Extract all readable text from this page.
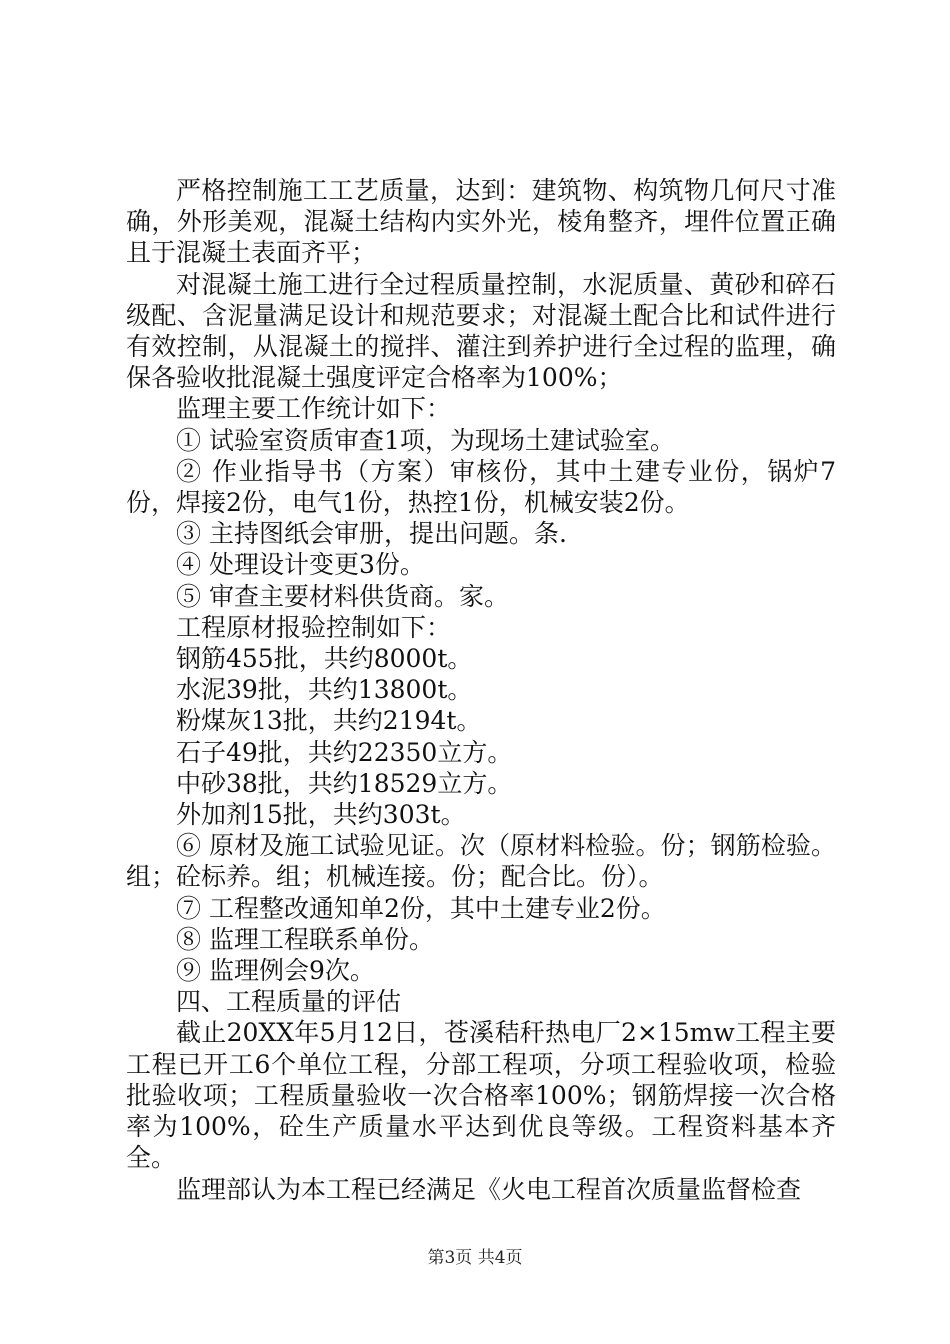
严格控制施工工艺质量，达到：建筑物、构筑物几何尺寸准确，外形美观，混凝土结构内实外光，棱角整齐，埋件位置正确且于混凝土表面齐平；

对混凝土施工进行全过程质量控制，水泥质量、黄砂和碎石级配、含泥量满足设计和规范要求；对混凝土配合比和试件进行有效控制，从混凝土的搅拌、灌注到养护进行全过程的监理，确保各验收批混凝土强度评定合格率为100%；

监理主要工作统计如下：

① 试验室资质审查1项，为现场土建试验室。

② 作业指导书（方案）审核份，其中土建专业份，锅炉7份，焊接2份，电气1份，热控1份，机械安装2份。

③ 主持图纸会审册，提出问题。条.

④ 处理设计变更3份。

⑤ 审查主要材料供货商。家。

工程原材报验控制如下：

钢筋455批，共约8000t。

水泥39批，共约13800t。

粉煤灰13批，共约2194t。

石子49批，共约22350立方。

中砂38批，共约18529立方。

外加剂15批，共约303t。

⑥ 原材及施工试验见证。次（原材料检验。份；钢筋检验。组；砼标养。组；机械连接。份；配合比。份）。

⑦ 工程整改通知单2份，其中土建专业2份。

⑧ 监理工程联系单份。

⑨ 监理例会9次。

四、工程质量的评估

截止20XX年5月12日，苍溪秸秆热电厂2×15mw工程主要工程已开工6个单位工程，分部工程项，分项工程验收项，检验批验收项；工程质量验收一次合格率100%；钢筋焊接一次合格率为100%，砼生产质量水平达到优良等级。工程资料基本齐全。

监理部认为本工程已经满足《火电工程首次质量监督检查

第3页 共4页
